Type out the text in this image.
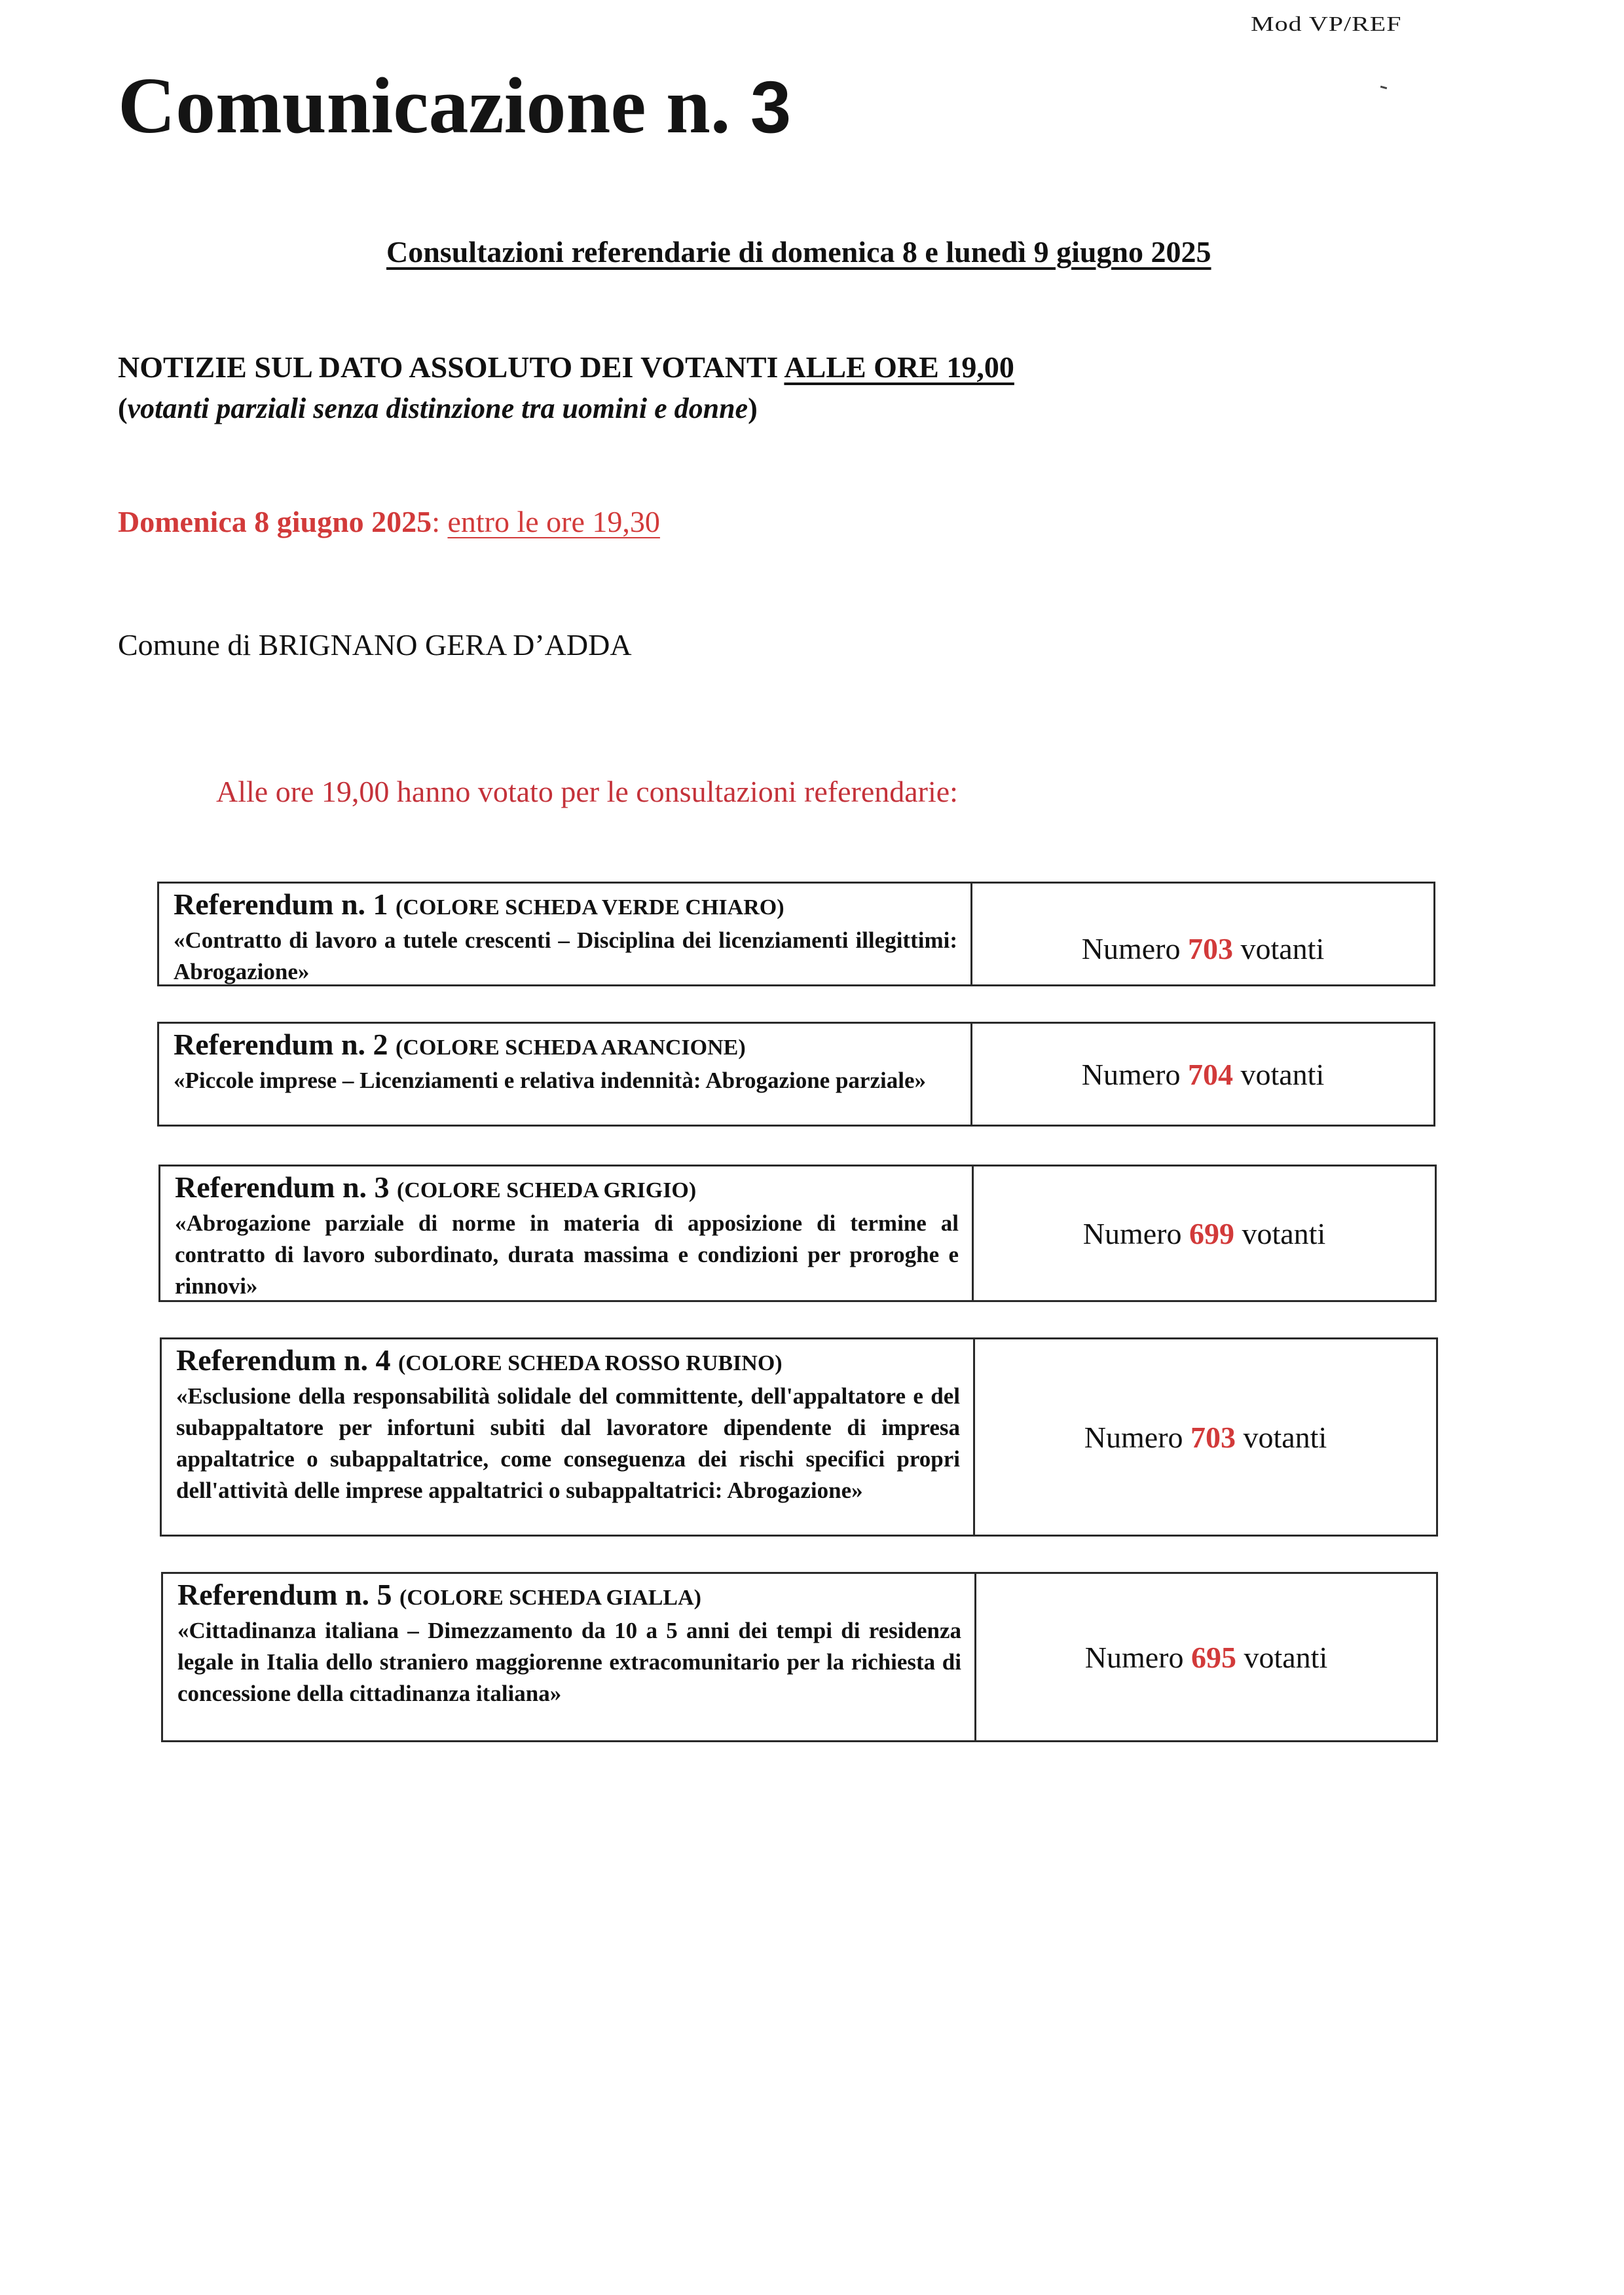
Mod VP/REF
Comunicazione n. 3
Consultazioni referendarie di domenica 8 e lunedì 9 giugno 2025
NOTIZIE SUL DATO ASSOLUTO DEI VOTANTI ALLE ORE 19,00
(votanti parziali senza distinzione tra uomini e donne)
Domenica 8 giugno 2025: entro le ore 19,30
Comune di BRIGNANO GERA D’ADDA
Alle ore 19,00 hanno votato per le consultazioni referendarie:
Referendum n. 1 (COLORE SCHEDA VERDE CHIARO)
«Contratto di lavoro a tutele crescenti – Disciplina dei licenziamenti illegittimi: Abrogazione»
Numero
703
votanti
Referendum n. 2 (COLORE SCHEDA ARANCIONE)
«Piccole imprese – Licenziamenti e relativa indennità: Abrogazione parziale»	Numero
704
votanti
Referendum n. 3 (COLORE SCHEDA GRIGIO)
«Abrogazione parziale di norme in materia di apposizione di termine al contratto di lavoro subordinato, durata massima e condizioni per proroghe e rinnovi»
Numero
699
votanti
Referendum n. 4 (COLORE SCHEDA ROSSO RUBINO)
«Esclusione della responsabilità solidale del committente, dell'appaltatore e del subappaltatore per infortuni subiti dal lavoratore dipendente di impresa appaltatrice o subappaltatrice, come conseguenza dei rischi specifici propri dell'attività delle imprese appaltatrici o subappaltatrici: Abrogazione»
Numero
703
votanti
Referendum n. 5 (COLORE SCHEDA GIALLA)
«Cittadinanza italiana – Dimezzamento da 10 a 5 anni dei tempi di residenza legale in Italia dello straniero maggiorenne extracomunitario per la richiesta di concessione della cittadinanza italiana»
Numero
695
votanti
